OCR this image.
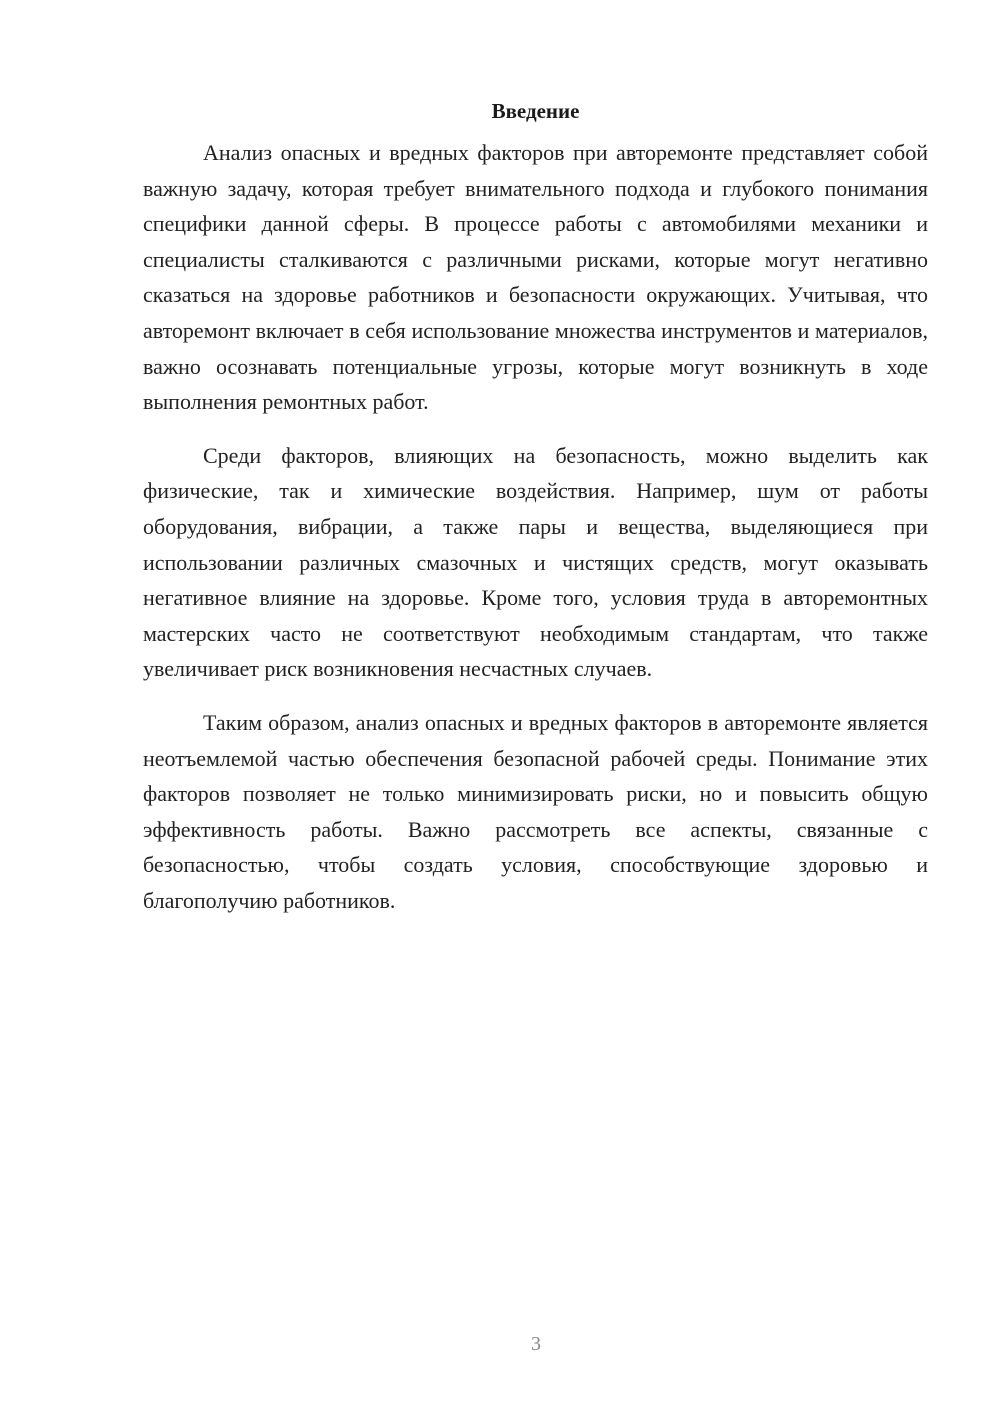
Введение

Анализ опасных и вредных факторов при авторемонте представляет собой важную задачу, которая требует внимательного подхода и глубокого понимания специфики данной сферы. В процессе работы с автомобилями механики и специалисты сталкиваются с различными рисками, которые могут негативно сказаться на здоровье работников и безопасности окружающих. Учитывая, что авторемонт включает в себя использование множества инструментов и материалов, важно осознавать потенциальные угрозы, которые могут возникнуть в ходе выполнения ремонтных работ.

Среди факторов, влияющих на безопасность, можно выделить как физические, так и химические воздействия. Например, шум от работы оборудования, вибрации, а также пары и вещества, выделяющиеся при использовании различных смазочных и чистящих средств, могут оказывать негативное влияние на здоровье. Кроме того, условия труда в авторемонтных мастерских часто не соответствуют необходимым стандартам, что также увеличивает риск возникновения несчастных случаев.

Таким образом, анализ опасных и вредных факторов в авторемонте является неотъемлемой частью обеспечения безопасной рабочей среды. Понимание этих факторов позволяет не только минимизировать риски, но и повысить общую эффективность работы. Важно рассмотреть все аспекты, связанные с безопасностью, чтобы создать условия, способствующие здоровью и благополучию работников.

3
